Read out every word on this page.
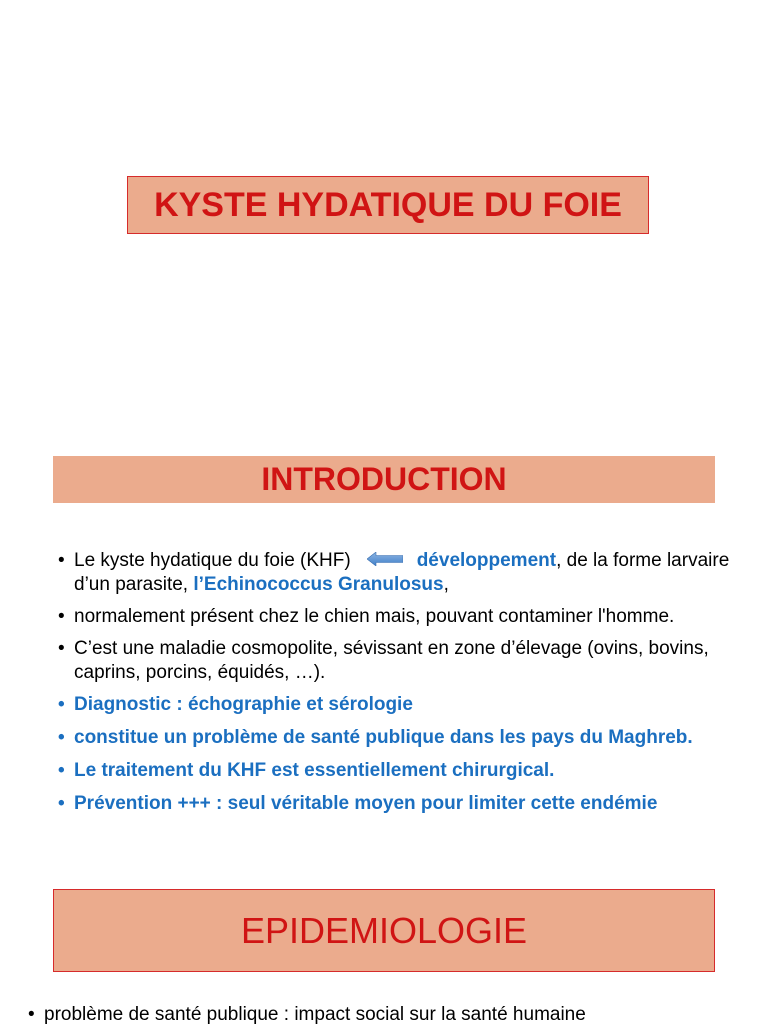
KYSTE HYDATIQUE DU FOIE
INTRODUCTION
• Le kyste hydatique du foie (KHF)	développement, de la forme larvaire d’un parasite, l’Echinococcus Granulosus,
• normalement présent chez le chien mais, pouvant contaminer l'homme.
• C’est une maladie cosmopolite, sévissant en zone d’élevage (ovins, bovins, caprins, porcins, équidés, …).
• Diagnostic : échographie et sérologie
• constitue un problème de santé publique dans les pays du Maghreb.
• Le traitement du KHF est essentiellement chirurgical.
• Prévention +++ : seul véritable moyen pour limiter cette endémie
EPIDEMIOLOGIE
• problème de santé publique : impact social sur la santé humaine
